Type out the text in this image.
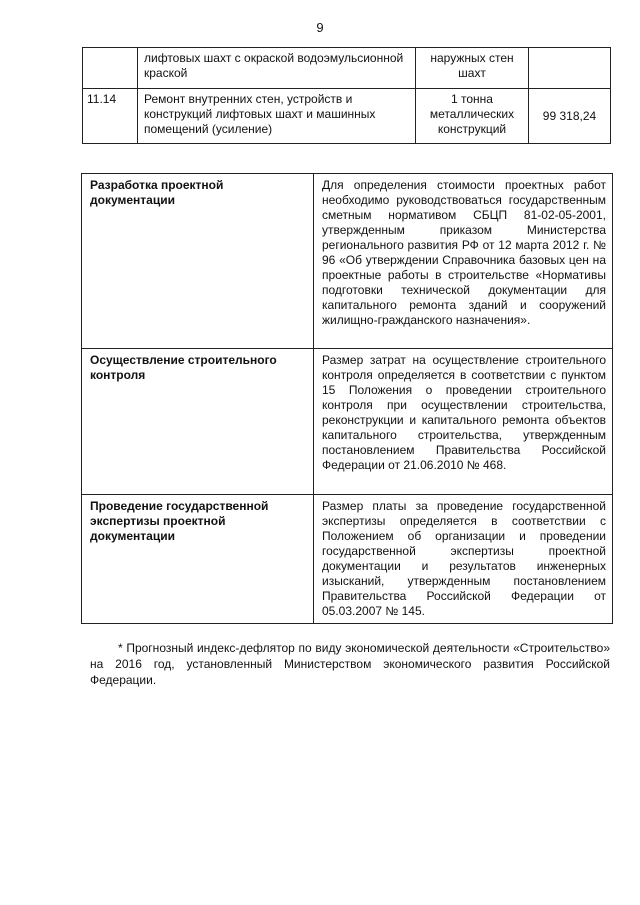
9
	лифтовых шахт с окраской водоэмульсионной краской	наружных стен шахт	
11.14	Ремонт внутренних стен, устройств и конструкций лифтовых шахт и машинных помещений (усиление)	1 тонна металлических конструкций	99 318,24
Разработка проектной документации	Для определения стоимости проектных работ необходимо руководствоваться государственным сметным нормативом СБЦП 81-02-05-2001, утвержденным приказом Министерства регионального развития РФ от 12 марта 2012 г. № 96 «Об утверждении Справочника базовых цен на проектные работы в строительстве «Нормативы подготовки технической документации для капитального ремонта зданий и сооружений жилищно-гражданского назначения».
Осуществление строительного контроля	Размер затрат на осуществление строительного контроля определяется в соответствии с пунктом 15 Положения о проведении строительного контроля при осуществлении строительства, реконструкции и капитального ремонта объектов капитального строительства, утвержденным постановлением Правительства Российской Федерации от 21.06.2010 № 468.
Проведение государственной экспертизы проектной документации	Размер платы за проведение государственной экспертизы определяется в соответствии с Положением об организации и проведении государственной экспертизы проектной документации и результатов инженерных изысканий, утвержденным постановлением Правительства Российской Федерации от 05.03.2007 № 145.
* Прогнозный индекс-дефлятор по виду экономической деятельности «Строительство» на 2016 год, установленный Министерством экономического развития Российской Федерации.
